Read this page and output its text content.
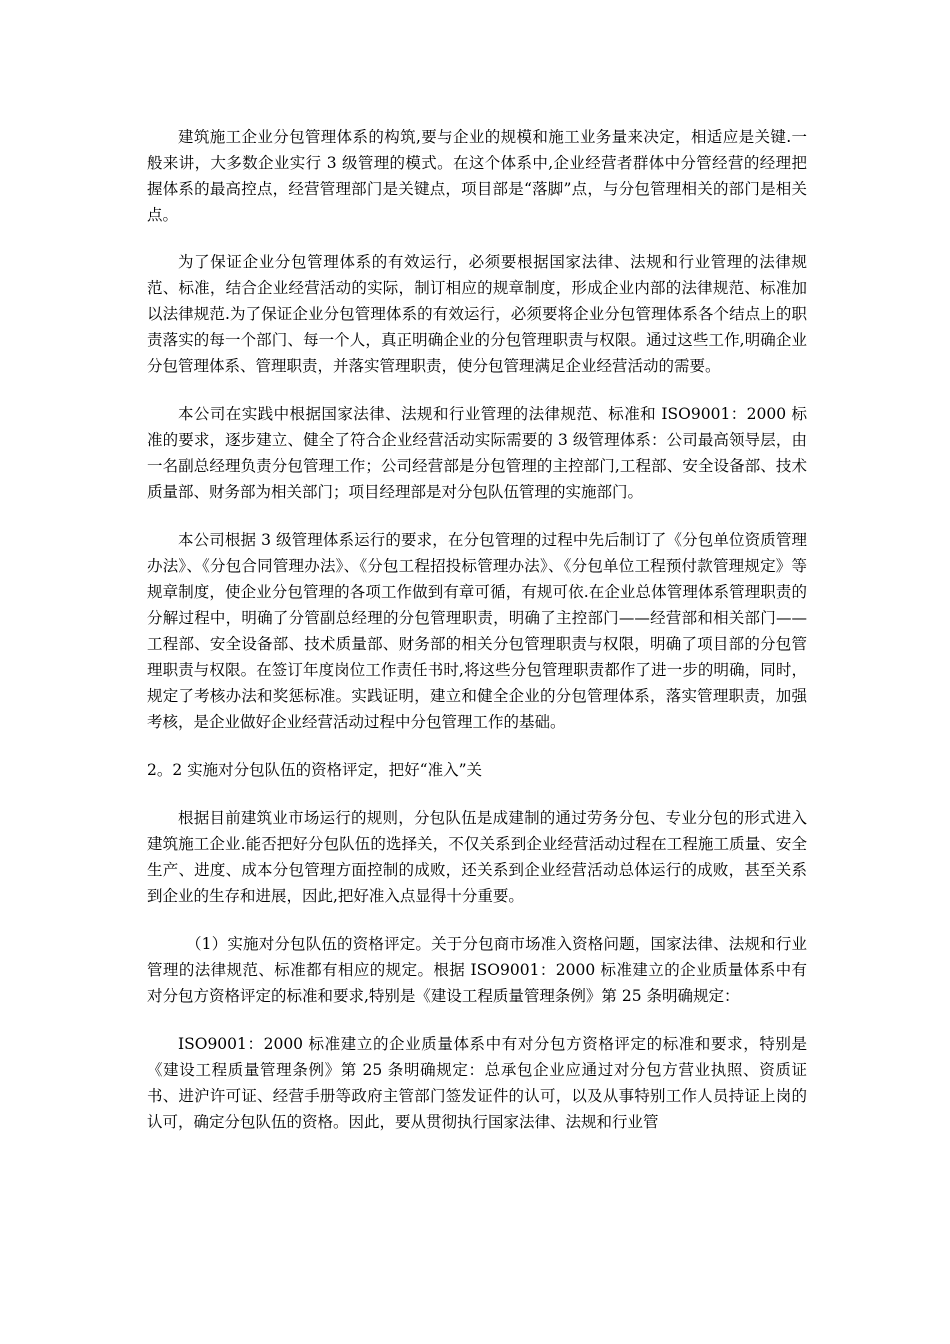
建筑施工企业分包管理体系的构筑,要与企业的规模和施工业务量来决定，相适应是关键.一般来讲，大多数企业实行 3 级管理的模式。在这个体系中,企业经营者群体中分管经营的经理把握体系的最高控点，经营管理部门是关键点，项目部是“落脚”点，与分包管理相关的部门是相关点。

为了保证企业分包管理体系的有效运行，必须要根据国家法律、法规和行业管理的法律规范、标准，结合企业经营活动的实际，制订相应的规章制度，形成企业内部的法律规范、标准加以法律规范.为了保证企业分包管理体系的有效运行，必须要将企业分包管理体系各个结点上的职责落实的每一个部门、每一个人，真正明确企业的分包管理职责与权限。通过这些工作,明确企业分包管理体系、管理职责，并落实管理职责，使分包管理满足企业经营活动的需要。

本公司在实践中根据国家法律、法规和行业管理的法律规范、标准和 ISO9001：2000 标准的要求，逐步建立、健全了符合企业经营活动实际需要的 3 级管理体系：公司最高领导层，由一名副总经理负责分包管理工作；公司经营部是分包管理的主控部门,工程部、安全设备部、技术质量部、财务部为相关部门；项目经理部是对分包队伍管理的实施部门。

本公司根据 3 级管理体系运行的要求，在分包管理的过程中先后制订了《分包单位资质管理办法》、《分包合同管理办法》、《分包工程招投标管理办法》、《分包单位工程预付款管理规定》等规章制度，使企业分包管理的各项工作做到有章可循，有规可依.在企业总体管理体系管理职责的分解过程中，明确了分管副总经理的分包管理职责，明确了主控部门——经营部和相关部门——工程部、安全设备部、技术质量部、财务部的相关分包管理职责与权限，明确了项目部的分包管理职责与权限。在签订年度岗位工作责任书时,将这些分包管理职责都作了进一步的明确，同时，规定了考核办法和奖惩标准。实践证明，建立和健全企业的分包管理体系，落实管理职责，加强考核，是企业做好企业经营活动过程中分包管理工作的基础。

2。2 实施对分包队伍的资格评定，把好“准入”关

根据目前建筑业市场运行的规则，分包队伍是成建制的通过劳务分包、专业分包的形式进入建筑施工企业.能否把好分包队伍的选择关，不仅关系到企业经营活动过程在工程施工质量、安全生产、进度、成本分包管理方面控制的成败，还关系到企业经营活动总体运行的成败，甚至关系到企业的生存和进展，因此,把好准入点显得十分重要。

（1）实施对分包队伍的资格评定。关于分包商市场准入资格问题，国家法律、法规和行业管理的法律规范、标准都有相应的规定。根据 ISO9001：2000 标准建立的企业质量体系中有对分包方资格评定的标准和要求,特别是《建设工程质量管理条例》第 25 条明确规定：

ISO9001：2000 标准建立的企业质量体系中有对分包方资格评定的标准和要求，特别是《建设工程质量管理条例》第 25 条明确规定：总承包企业应通过对分包方营业执照、资质证书、进沪许可证、经营手册等政府主管部门签发证件的认可，以及从事特别工作人员持证上岗的认可，确定分包队伍的资格。因此，要从贯彻执行国家法律、法规和行业管
